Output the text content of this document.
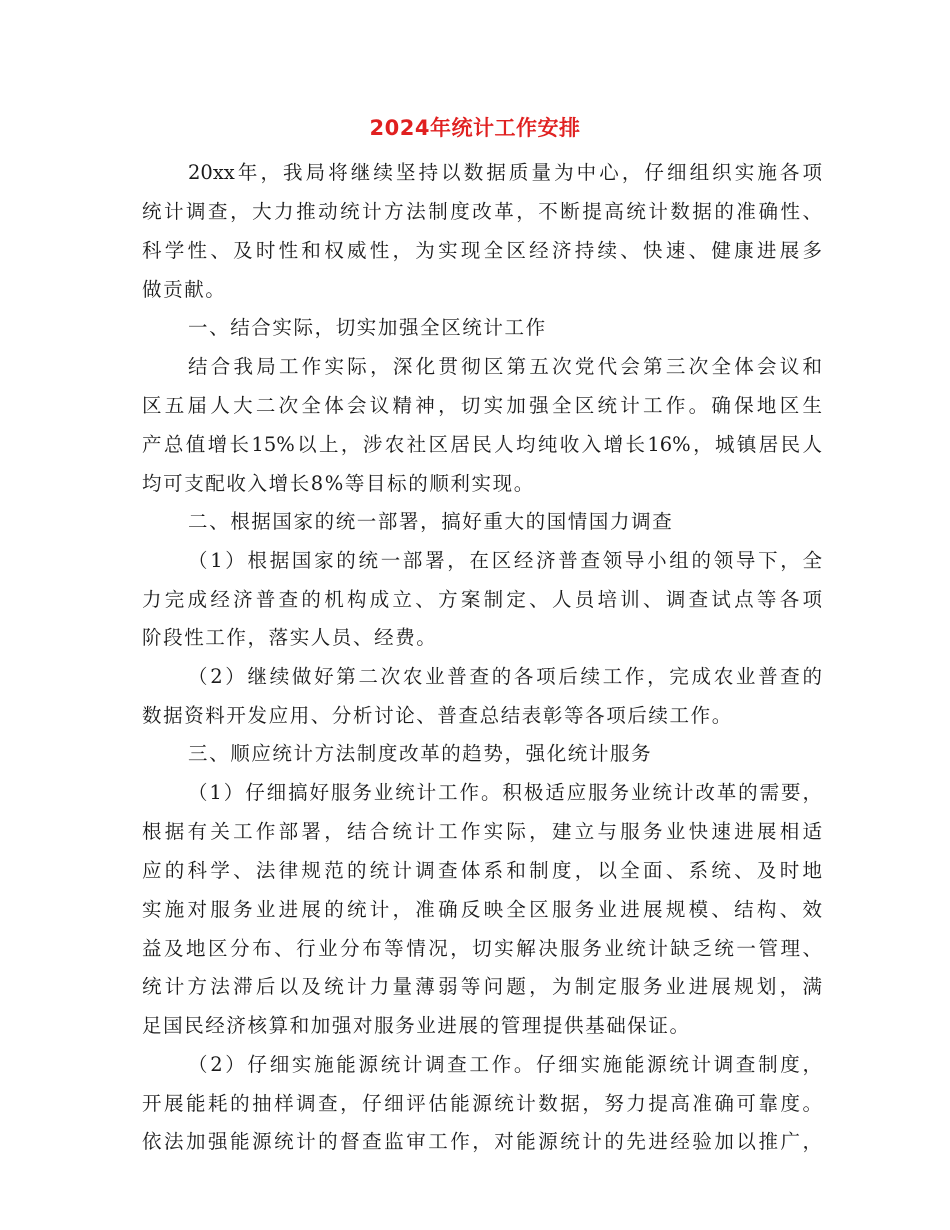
2024年统计工作安排
20xx年，我局将继续坚持以数据质量为中心，仔细组织实施各项
统计调查，大力推动统计方法制度改革，不断提高统计数据的准确性、
科学性、及时性和权威性，为实现全区经济持续、快速、健康进展多
做贡献。
一、结合实际，切实加强全区统计工作
结合我局工作实际，深化贯彻区第五次党代会第三次全体会议和
区五届人大二次全体会议精神，切实加强全区统计工作。确保地区生
产总值增长15%以上，涉农社区居民人均纯收入增长16%，城镇居民人
均可支配收入增长8%等目标的顺利实现。
二、根据国家的统一部署，搞好重大的国情国力调查
（1）根据国家的统一部署，在区经济普查领导小组的领导下，全
力完成经济普查的机构成立、方案制定、人员培训、调查试点等各项
阶段性工作，落实人员、经费。
（2）继续做好第二次农业普查的各项后续工作，完成农业普查的
数据资料开发应用、分析讨论、普查总结表彰等各项后续工作。
三、顺应统计方法制度改革的趋势，强化统计服务
（1）仔细搞好服务业统计工作。积极适应服务业统计改革的需要，
根据有关工作部署，结合统计工作实际，建立与服务业快速进展相适
应的科学、法律规范的统计调查体系和制度，以全面、系统、及时地
实施对服务业进展的统计，准确反映全区服务业进展规模、结构、效
益及地区分布、行业分布等情况，切实解决服务业统计缺乏统一管理、
统计方法滞后以及统计力量薄弱等问题，为制定服务业进展规划，满
足国民经济核算和加强对服务业进展的管理提供基础保证。
（2）仔细实施能源统计调查工作。仔细实施能源统计调查制度，
开展能耗的抽样调查，仔细评估能源统计数据，努力提高准确可靠度。
依法加强能源统计的督查监审工作，对能源统计的先进经验加以推广，
